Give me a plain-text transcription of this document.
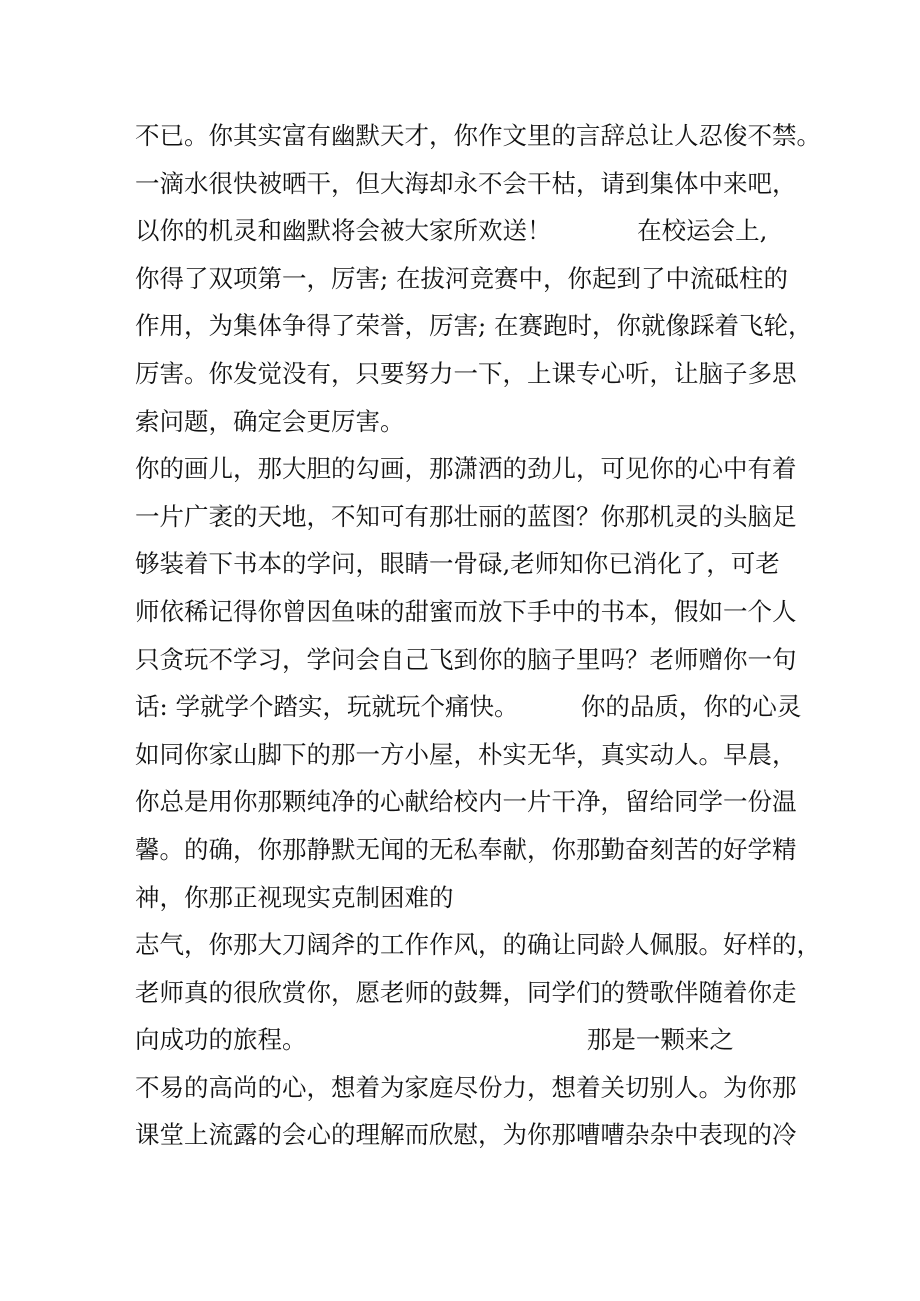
不已。你其实富有幽默天才，你作文里的言辞总让人忍俊不禁。
一滴水很快被晒干，但大海却永不会干枯，请到集体中来吧，
以你的机灵和幽默将会被大家所欢送！           在校运会上,
你得了双项第一，厉害; 在拔河竞赛中，你起到了中流砥柱的
作用，为集体争得了荣誉，厉害; 在赛跑时，你就像踩着飞轮，
厉害。你发觉没有，只要努力一下，上课专心听，让脑子多思
索问题，确定会更厉害。
你的画儿，那大胆的勾画，那潇洒的劲儿，可见你的心中有着
一片广袤的天地，不知可有那壮丽的蓝图？你那机灵的头脑足
够装着下书本的学问，眼睛一骨碌,老师知你已消化了，可老
师依稀记得你曾因鱼味的甜蜜而放下手中的书本，假如一个人
只贪玩不学习，学问会自己飞到你的脑子里吗？老师赠你一句
话: 学就学个踏实，玩就玩个痛快。        你的品质，你的心灵
如同你家山脚下的那一方小屋，朴实无华，真实动人。早晨，
你总是用你那颗纯净的心献给校内一片干净，留给同学一份温
馨。的确，你那静默无闻的无私奉献，你那勤奋刻苦的好学精
神，你那正视现实克制困难的
志气，你那大刀阔斧的工作作风，的确让同龄人佩服。好样的，
老师真的很欣赏你，愿老师的鼓舞，同学们的赞歌伴随着你走
向成功的旅程。                                    那是一颗来之
不易的高尚的心，想着为家庭尽份力，想着关切别人。为你那
课堂上流露的会心的理解而欣慰，为你那嘈嘈杂杂中表现的冷
